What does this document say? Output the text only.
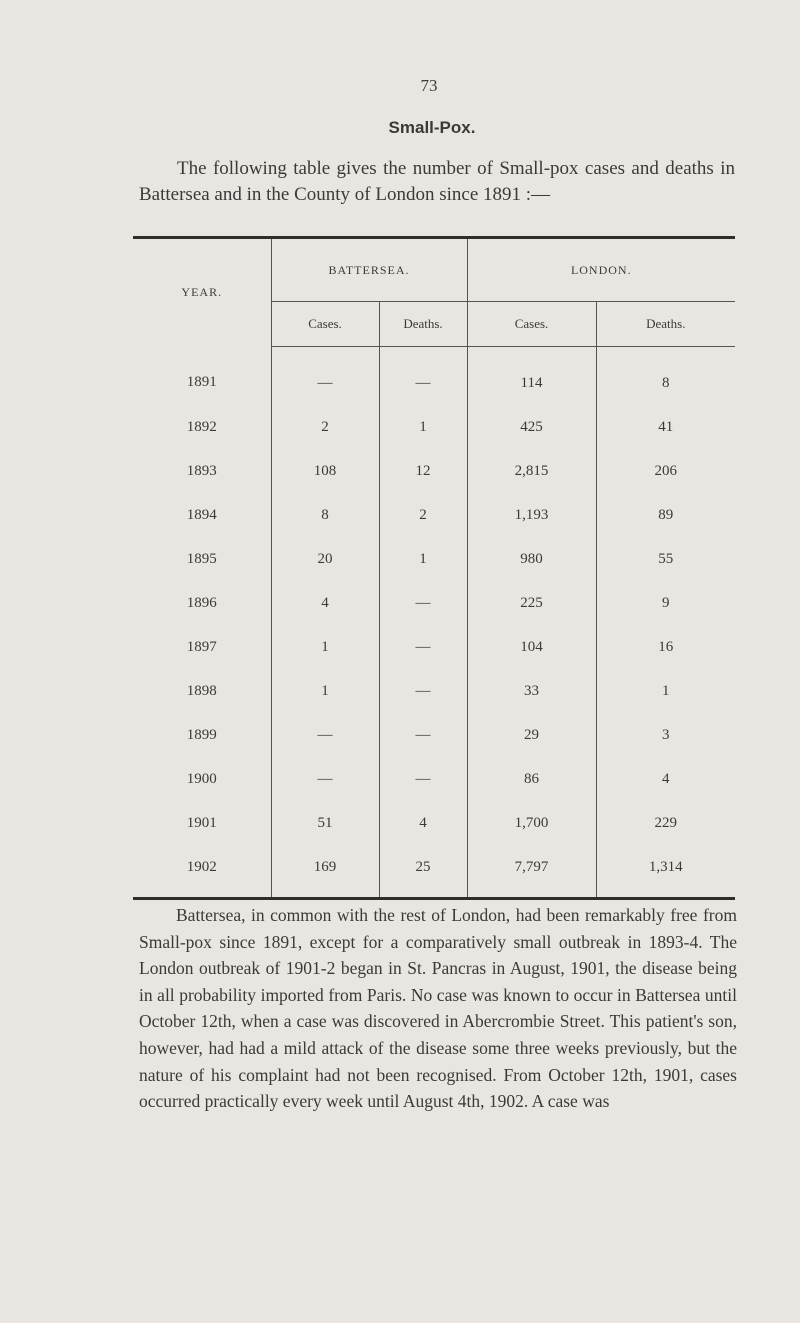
73
Small-Pox.

The following table gives the number of Small-pox cases and deaths in Battersea and in the County of London since 1891 :—

YEAR.	BATTERSEA.		LONDON.	
	Cases.	Deaths.	Cases.	Deaths.
1891	—	—	114	8
1892	2	1	425	41
1893	108	12	2,815	206
1894	8	2	1,193	89
1895	20	1	980	55
1896	4	—	225	9
1897	1	—	104	16
1898	1	—	33	1
1899	—	—	29	3
1900	—	—	86	4
1901	51	4	1,700	229
1902	169	25	7,797	1,314

Battersea, in common with the rest of London, had been remarkably free from Small-pox since 1891, except for a comparatively small outbreak in 1893-4. The London outbreak of 1901-2 began in St. Pancras in August, 1901, the disease being in all probability imported from Paris. No case was known to occur in Battersea until October 12th, when a case was discovered in Abercrombie Street. This patient's son, however, had had a mild attack of the disease some three weeks previously, but the nature of his complaint had not been recognised. From October 12th, 1901, cases occurred practically every week until August 4th, 1902. A case was
